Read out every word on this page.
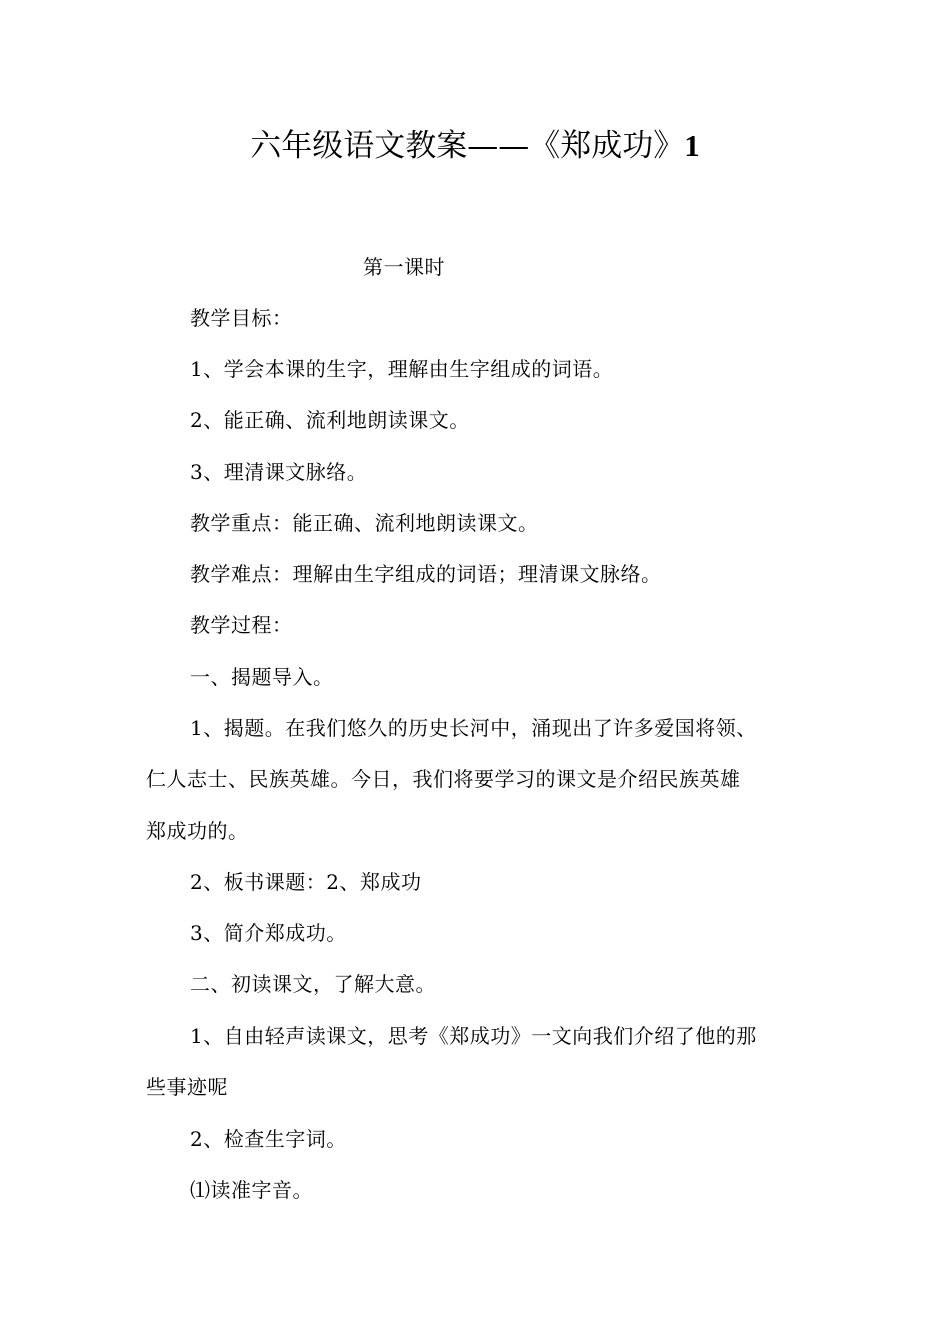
六年级语文教案——《郑成功》1
第一课时
教学目标：
1、学会本课的生字，理解由生字组成的词语。
2、能正确、流利地朗读课文。
3、理清课文脉络。
教学重点：能正确、流利地朗读课文。
教学难点：理解由生字组成的词语；理清课文脉络。
教学过程：
一、揭题导入。
1、揭题。在我们悠久的历史长河中，涌现出了许多爱国将领、
仁人志士、民族英雄。今日，我们将要学习的课文是介绍民族英雄
郑成功的。
2、板书课题：2、郑成功
3、简介郑成功。
二、初读课文，了解大意。
1、自由轻声读课文，思考《郑成功》一文向我们介绍了他的那
些事迹呢
2、检查生字词。
⑴读准字音。
